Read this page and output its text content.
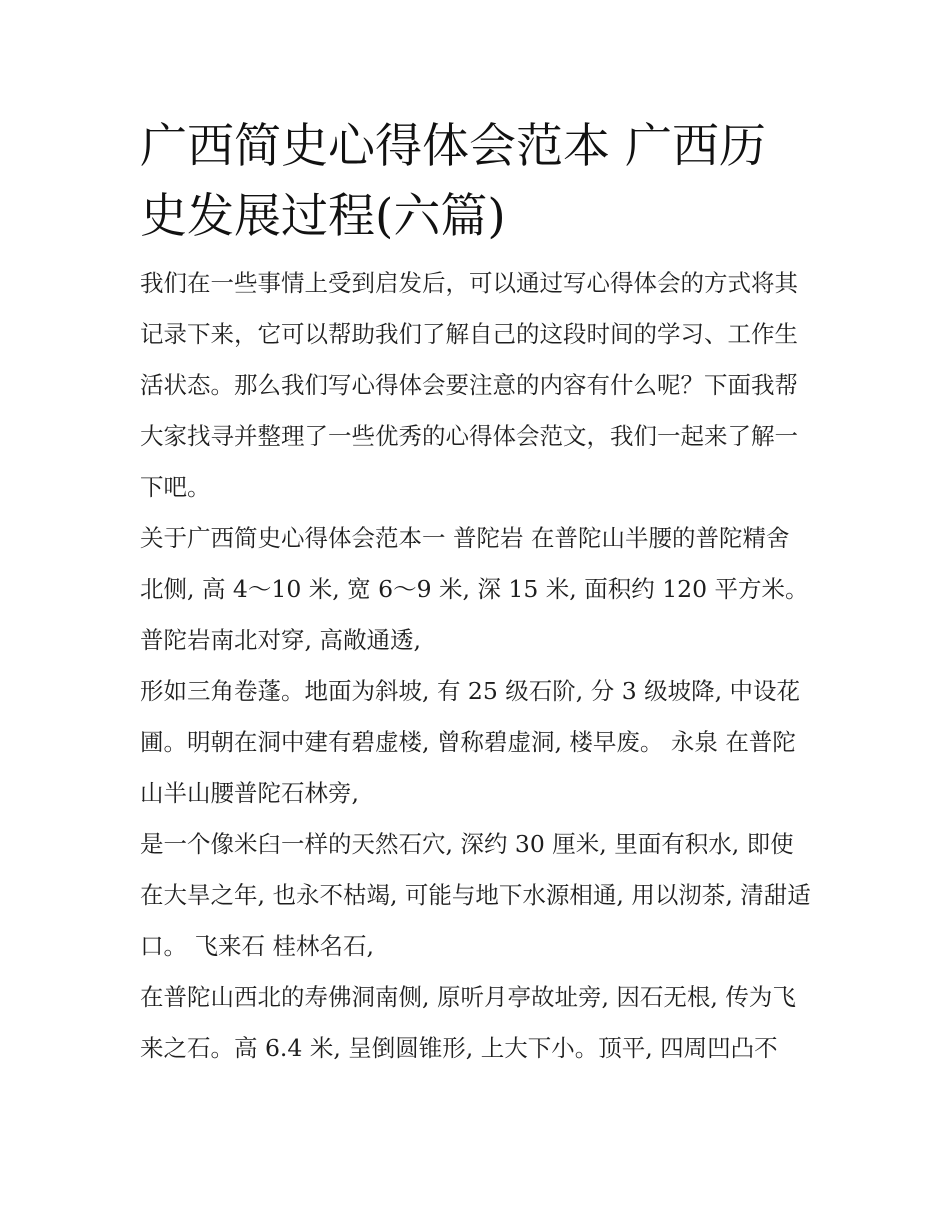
广西简史心得体会范本 广西历史发展过程(六篇)

我们在一些事情上受到启发后，可以通过写心得体会的方式将其记录下来，它可以帮助我们了解自己的这段时间的学习、工作生活状态。那么我们写心得体会要注意的内容有什么呢？下面我帮大家找寻并整理了一些优秀的心得体会范文，我们一起来了解一下吧。

关于广西简史心得体会范本一 普陀岩 在普陀山半腰的普陀精舍北侧, 高 4～10 米, 宽 6～9 米, 深 15 米, 面积约 120 平方米。普陀岩南北对穿, 高敞通透,

形如三角卷蓬。地面为斜坡, 有 25 级石阶, 分 3 级坡降, 中设花圃。明朝在洞中建有碧虚楼, 曾称碧虚洞, 楼早废。 永泉 在普陀山半山腰普陀石林旁,

是一个像米臼一样的天然石穴, 深约 30 厘米, 里面有积水, 即使在大旱之年, 也永不枯竭, 可能与地下水源相通, 用以沏茶, 清甜适口。 飞来石 桂林名石,

在普陀山西北的寿佛洞南侧, 原听月亭故址旁, 因石无根, 传为飞来之石。高 6.4 米, 呈倒圆锥形, 上大下小。顶平, 四周凹凸不
